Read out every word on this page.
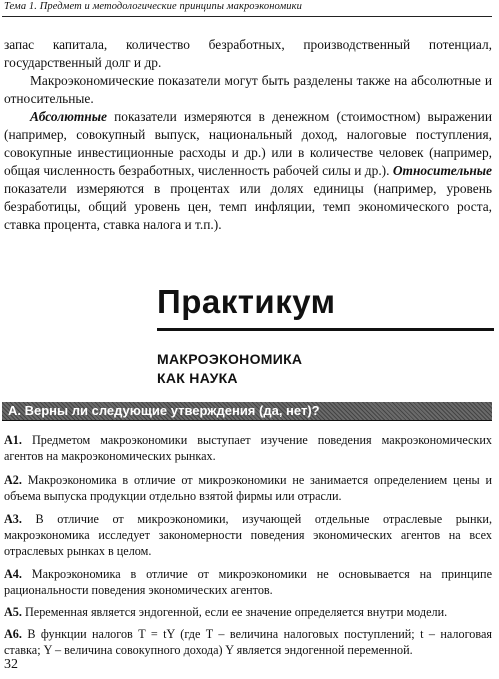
Тема 1. Предмет и методологические принципы макроэкономики

запас капитала, количество безработных, производственный потенциал, государственный долг и др.

Макроэкономические показатели могут быть разделены также на абсолютные и относительные.

Абсолютные показатели измеряются в денежном (стоимостном) выражении (например, совокупный выпуск, национальный доход, налоговые поступления, совокупные инвестиционные расходы и др.) или в количестве человек (например, общая численность безработных, численность рабочей силы и др.). Относительные показатели измеряются в процентах или долях единицы (например, уровень безработицы, общий уровень цен, темп инфляции, темп экономического роста, ставка процента, ставка налога и т.п.).

Практикум
МАКРОЭКОНОМИКА
КАК НАУКА
А. Верны ли следующие утверждения (да, нет)?

А1. Предметом макроэкономики выступает изучение поведения макроэкономических агентов на макроэкономических рынках.

А2. Макроэкономика в отличие от микроэкономики не занимается определением цены и объема выпуска продукции отдельно взятой фирмы или отрасли.

А3. В отличие от микроэкономики, изучающей отдельные отраслевые рынки, макроэкономика исследует закономерности поведения экономических агентов на всех отраслевых рынках в целом.

А4. Макроэкономика в отличие от микроэкономики не основывается на принципе рациональности поведения экономических агентов.

А5. Переменная является эндогенной, если ее значение определяется внутри модели.

А6. В функции налогов T = tY (где T – величина налоговых поступлений; t – налоговая ставка; Y – величина совокупного дохода) Y является эндогенной переменной.

32
